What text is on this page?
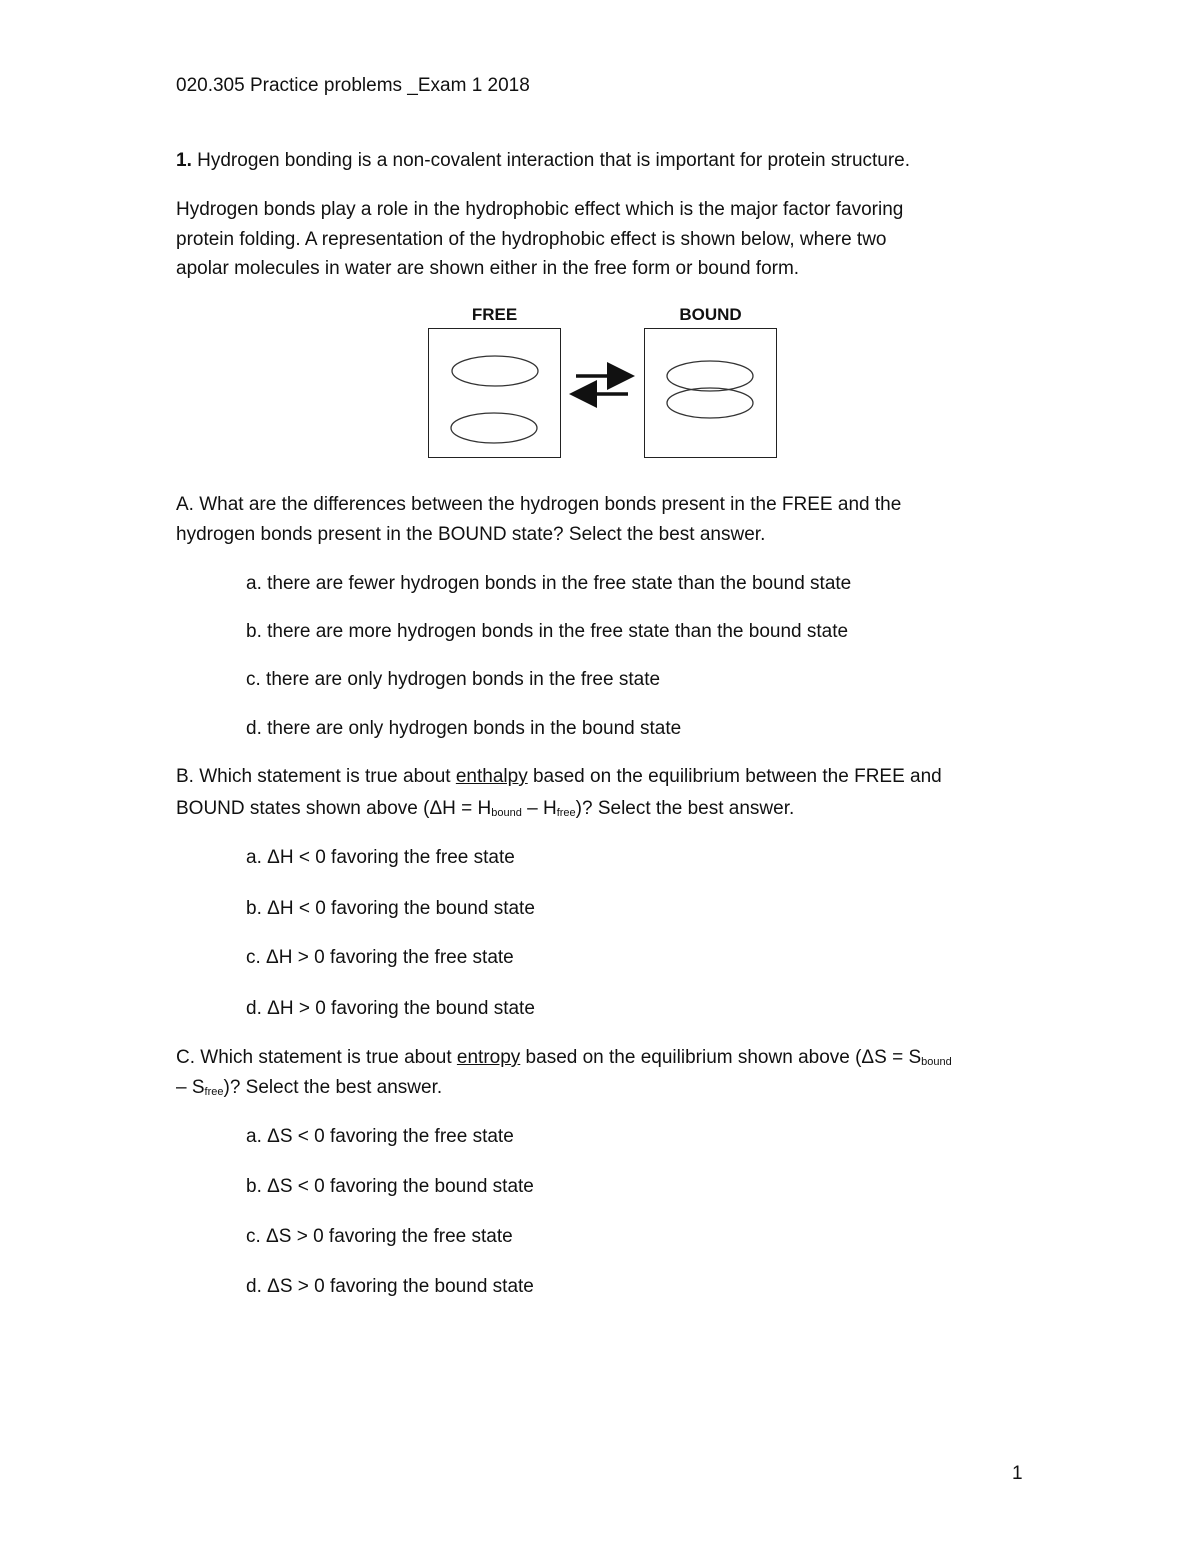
020.305 Practice problems _Exam 1 2018
1. Hydrogen bonding is a non-covalent interaction that is important for protein structure.
Hydrogen bonds play a role in the hydrophobic effect which is the major factor favoring
protein folding. A representation of the hydrophobic effect is shown below, where two
apolar molecules in water are shown either in the free form or bound form.
FREE	BOUND
A. What are the differences between the hydrogen bonds present in the FREE and the
hydrogen bonds present in the BOUND state? Select the best answer.
a. there are fewer hydrogen bonds in the free state than the bound state
b. there are more hydrogen bonds in the free state than the bound state
c. there are only hydrogen bonds in the free state
d. there are only hydrogen bonds in the bound state
B. Which statement is true about enthalpy based on the equilibrium between the FREE and
BOUND states shown above $(\Delta H = H_{bound} - H_{free})$? Select the best answer.
a. ΔH < 0 favoring the free state
b. ΔH < 0 favoring the bound state
c. ΔH > 0 favoring the free state
d. ΔH > 0 favoring the bound state
C. Which statement is true about entropy based on the equilibrium shown above ($\Delta S = S_{bound}$
– $S_{free}$)? Select the best answer.
a. ΔS < 0 favoring the free state
b. ΔS < 0 favoring the bound state
c. ΔS > 0 favoring the free state
d. ΔS > 0 favoring the bound state
1
